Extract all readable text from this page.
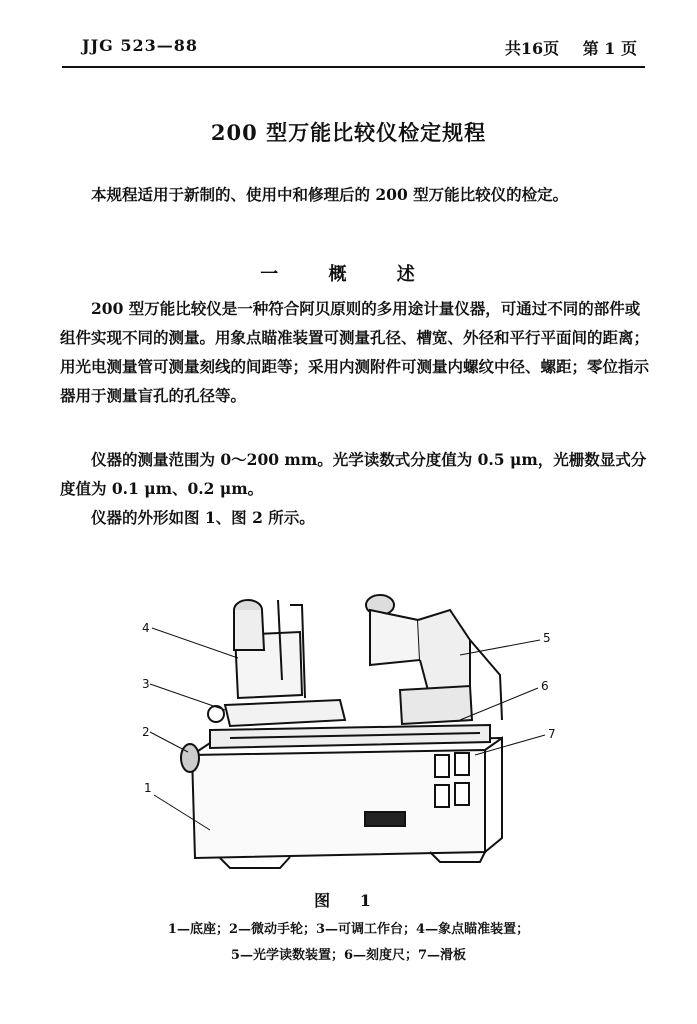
JJG 523—88	共16页 第 1 页
200 型万能比较仪检定规程
本规程适用于新制的、使用中和修理后的 200 型万能比较仪的检定。
一 概 述
200 型万能比较仪是一种符合阿贝原则的多用途计量仪器，可通过不同的部件或组件实现不同的测量。用象点瞄准装置可测量孔径、槽宽、外径和平行平面间的距离；用光电测量管可测量刻线的间距等；采用内测附件可测量内螺纹中径、螺距；零位指示器用于测量盲孔的孔径等。
仪器的测量范围为 0～200 mm。光学读数式分度值为 0.5 μm，光栅数显式分度值为 0.1 μm、0.2 μm。
仪器的外形如图 1、图 2 所示。
1
2
3
4
5
6
7
图 1
1—底座；2—微动手轮；3—可调工作台；4—象点瞄准装置；
5—光学读数装置；6—刻度尺；7—滑板
